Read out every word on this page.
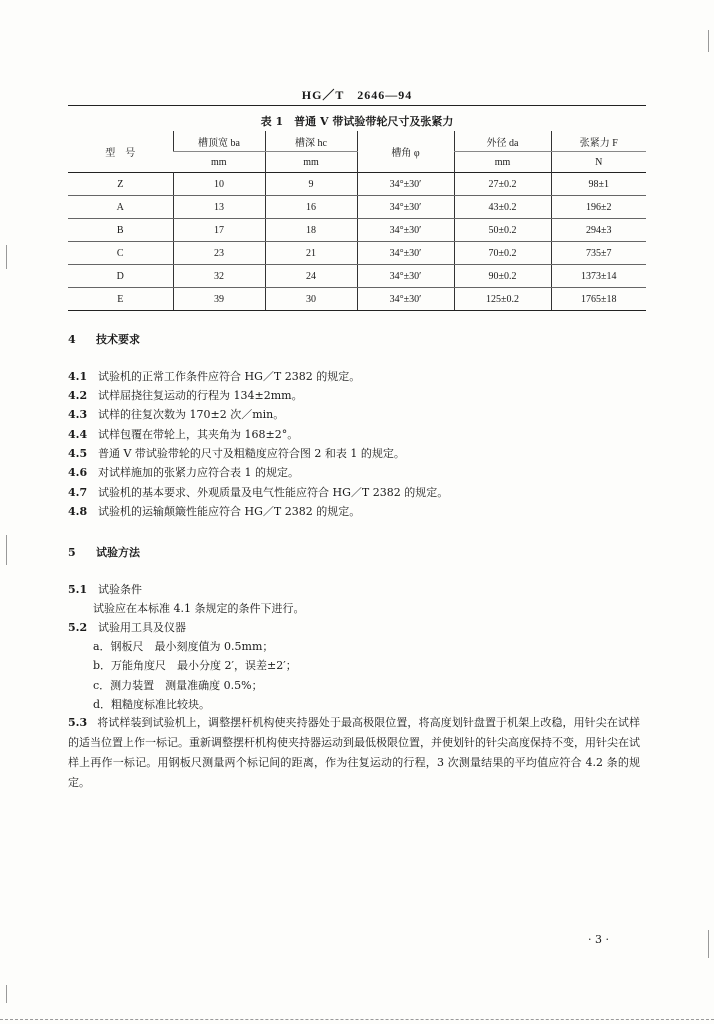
HG／T　2646—94
表 1　普通 V 带试验带轮尺寸及张紧力
型　号	槽顶宽 ba	槽深 hc	槽角 φ	外径 da	张紧力 F
	mm	mm		mm	N
Z	10	9	34°±30′	27±0.2	98±1
A	13	16	34°±30′	43±0.2	196±2
B	17	18	34°±30′	50±0.2	294±3
C	23	21	34°±30′	70±0.2	735±7
D	32	24	34°±30′	90±0.2	1373±14
E	39	30	34°±30′	125±0.2	1765±18
4 技术要求
4.1 试验机的正常工作条件应符合 HG／T 2382 的规定。
4.2 试样屈挠往复运动的行程为 134±2mm。
4.3 试样的往复次数为 170±2 次／min。
4.4 试样包覆在带轮上，其夹角为 168±2°。
4.5 普通 V 带试验带轮的尺寸及粗糙度应符合图 2 和表 1 的规定。
4.6 对试样施加的张紧力应符合表 1 的规定。
4.7 试验机的基本要求、外观质量及电气性能应符合 HG／T 2382 的规定。
4.8 试验机的运输颠簸性能应符合 HG／T 2382 的规定。
5 试验方法
5.1 试验条件
试验应在本标准 4.1 条规定的条件下进行。
5.2 试验用工具及仪器
a．钢板尺　最小刻度值为 0.5mm；
b．万能角度尺　最小分度 2′，误差±2′；
c．测力装置　测量准确度 0.5%；
d．粗糙度标准比较块。
5.3 将试样装到试验机上，调整摆杆机构使夹持器处于最高极限位置，将高度划针盘置于机架上改稳，用针尖在试样的适当位置上作一标记。重新调整摆杆机构使夹持器运动到最低极限位置，并使划针的针尖高度保持不变，用针尖在试样上再作一标记。用钢板尺测量两个标记间的距离，作为往复运动的行程，3 次测量结果的平均值应符合 4.2 条的规定。
· 3 ·
